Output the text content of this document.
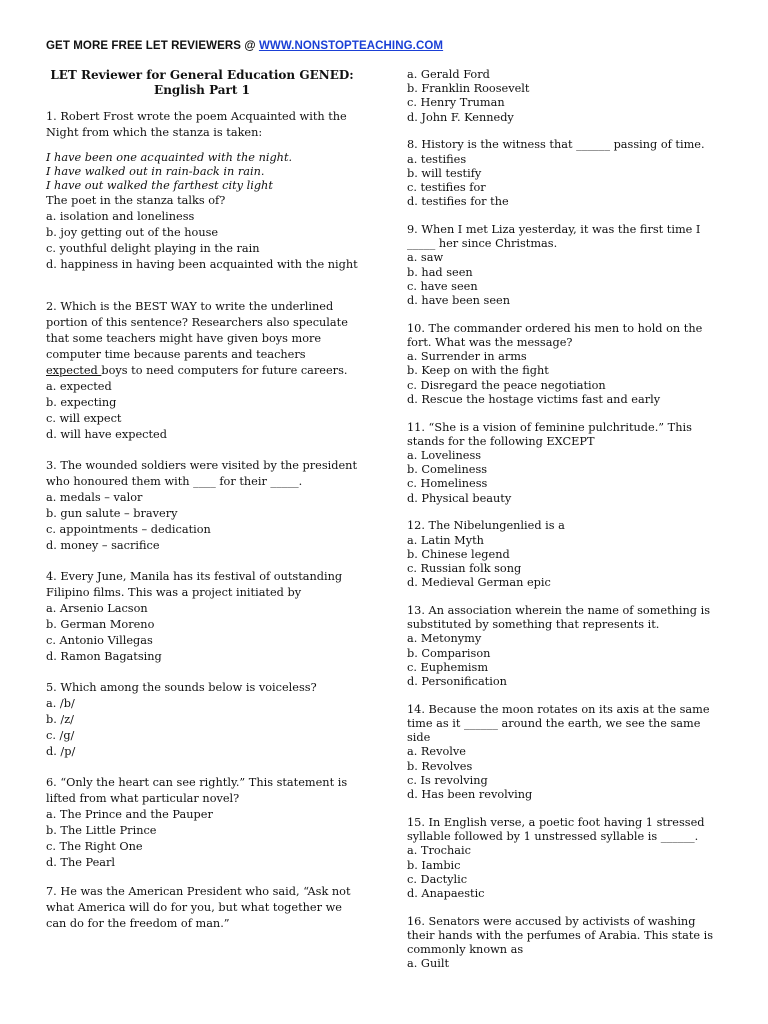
GET MORE FREE LET REVIEWERS @ WWW.NONSTOPTEACHING.COM
LET Reviewer for General Education GENED:
English Part 1

1. Robert Frost wrote the poem Acquainted with the Night from which the stanza is taken:

I have been one acquainted with the night.

I have walked out in rain-back in rain.

I have out walked the farthest city light

The poet in the stanza talks of?

a. isolation and loneliness

b. joy getting out of the house

c. youthful delight playing in the rain

d. happiness in having been acquainted with the night

2. Which is the BEST WAY to write the underlined portion of this sentence? Researchers also speculate that some teachers might have given boys more computer time because parents and teachers expected boys to need computers for future careers.

a. expected

b. expecting

c. will expect

d. will have expected

3. The wounded soldiers were visited by the president who honoured them with ____ for their _____.

a. medals – valor

b. gun salute – bravery

c. appointments – dedication

d. money – sacrifice

4. Every June, Manila has its festival of outstanding Filipino films. This was a project initiated by

a. Arsenio Lacson

b. German Moreno

c. Antonio Villegas

d. Ramon Bagatsing

5. Which among the sounds below is voiceless?

a. /b/

b. /z/

c. /g/

d. /p/

6. “Only the heart can see rightly.” This statement is lifted from what particular novel?

a. The Prince and the Pauper

b. The Little Prince

c. The Right One

d. The Pearl

7. He was the American President who said, “Ask not what America will do for you, but what together we can do for the freedom of man.”

a. Gerald Ford

b. Franklin Roosevelt

c. Henry Truman

d. John F. Kennedy

8. History is the witness that ______ passing of time.

a. testifies

b. will testify

c. testifies for

d. testifies for the

9. When I met Liza yesterday, it was the first time I _____ her since Christmas.

a. saw

b. had seen

c. have seen

d. have been seen

10. The commander ordered his men to hold on the fort. What was the message?

a. Surrender in arms

b. Keep on with the fight

c. Disregard the peace negotiation

d. Rescue the hostage victims fast and early

11. “She is a vision of feminine pulchritude.” This stands for the following EXCEPT

a. Loveliness

b. Comeliness

c. Homeliness

d. Physical beauty

12. The Nibelungenlied is a

a. Latin Myth

b. Chinese legend

c. Russian folk song

d. Medieval German epic

13. An association wherein the name of something is substituted by something that represents it.

a. Metonymy

b. Comparison

c. Euphemism

d. Personification

14. Because the moon rotates on its axis at the same time as it ______ around the earth, we see the same side

a. Revolve

b. Revolves

c. Is revolving

d. Has been revolving

15. In English verse, a poetic foot having 1 stressed syllable followed by 1 unstressed syllable is ______.

a. Trochaic

b. Iambic

c. Dactylic

d. Anapaestic

16. Senators were accused by activists of washing their hands with the perfumes of Arabia. This state is commonly known as

a. Guilt
